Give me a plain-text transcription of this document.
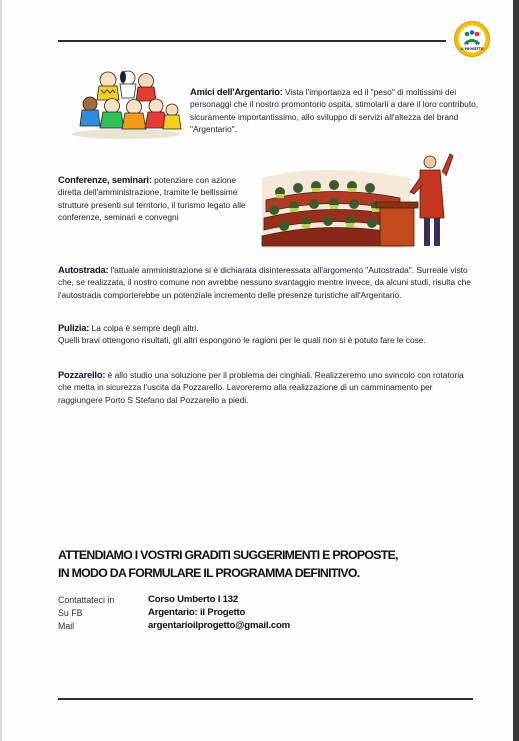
IL PROGETTO

Amici dell'Argentario: Vista l'importanza ed il "peso" di moltissimi dei personaggi che il nostro promontorio ospita, stimolarli a dare il loro contributo, sicuramente importantissimo, allo sviluppo di servizi all'altezza del brand "Argentario".

Conferenze, seminari: potenziare con azione diretta dell'amministrazione, tramite le bellissime strutture presenti sul territorio, il turismo legato alle conferenze, seminari e convegni

Autostrada: l'attuale amministrazione si è dichiarata disinteressata all'argomento "Autostrada". Surreale visto che, se realizzata, il nostro comune non avrebbe nessuno svantaggio mentre invece, da alcuni studi, risulta che l'autostrada comporterebbe un potenziale incremento delle presenze turistiche all'Argentario.

Pulizia: La colpa è sempre degli altri.
Quelli bravi ottengono risultati, gli altri espongono le ragioni per le quali non si è potuto fare le cose.

Pozzarello: è allo studio una soluzione per il problema dei cinghiali. Realizzeremo uno svincolo con rotatoria che metta in sicurezza l'uscita da Pozzarello. Lavoreremo alla realizzazione di un camminamento per raggiungere Porto S Stefano dal Pozzarello a piedi.

ATTENDIAMO I VOSTRI GRADITI SUGGERIMENTI E PROPOSTE,
IN MODO DA FORMULARE IL PROGRAMMA DEFINITIVO.

Contattateci in	Corso Umberto I 132
Su FB	Argentario: il Progetto
Mail	argentarioilprogetto@gmail.com
